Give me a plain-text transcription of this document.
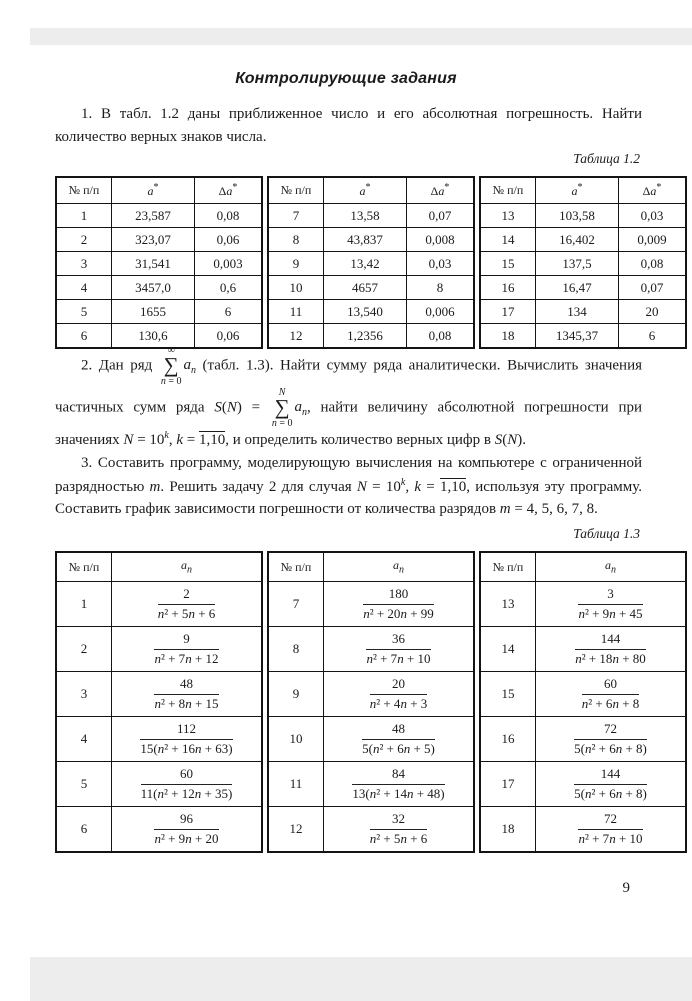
Контролирующие задания

1. В табл. 1.2 даны приближенное число и его абсолютная погрешность. Найти количество верных знаков числа.

Таблица 1.2
№ п/п	a*	Δa*
1	23,587	0,08
2	323,07	0,06
3	31,541	0,003
4	3457,0	0,6
5	1655	6
6	130,6	0,06
№ п/п	a*	Δa*
7	13,58	0,07
8	43,837	0,008
9	13,42	0,03
10	4657	8
11	13,540	0,006
12	1,2356	0,08
№ п/п	a*	Δa*
13	103,58	0,03
14	16,402	0,009
15	137,5	0,08
16	16,47	0,07
17	134	20
18	1345,37	6

2. Дан ряд
∞
∑
n = 0
$a_n$ (табл. 1.3). Найти сумму ряда аналитически. Вычислить значения частичных сумм ряда S(N) =
N
∑
n = 0
$a_n$, найти величину абсолютной погрешности при значениях $N = 10^k$, k = 1,10, и определить количество верных цифр в S(N).

3. Составить программу, моделирующую вычисления на компьютере с ограниченной разрядностью m. Решить задачу 2 для случая $N = 10^k$, k = 1,10, используя эту программу. Составить график зависимости погрешности от количества разрядов m = 4, 5, 6, 7, 8.

Таблица 1.3
№ п/п	$a_n$
1	$\frac{2}{\text{n² + 5n + 6}}$

2	$\frac{9}{\text{n² + 7n + 12}}$

3	$\frac{48}{\text{n² + 8n + 15}}$

4	$\frac{112}{\text{15(n² + 16n + 63)}}$

5	$\frac{60}{\text{11(n² + 12n + 35)}}$

6	$\frac{96}{\text{n² + 9n + 20}}$
№ п/п	$a_n$
7	$\frac{180}{\text{n² + 20n + 99}}$

8	$\frac{36}{\text{n² + 7n + 10}}$

9	$\frac{20}{\text{n² + 4n + 3}}$

10	$\frac{48}{\text{5(n² + 6n + 5)}}$

11	$\frac{84}{\text{13(n² + 14n + 48)}}$

12	$\frac{32}{\text{n² + 5n + 6}}$
№ п/п	$a_n$
13	$\frac{3}{\text{n² + 9n + 45}}$

14	$\frac{144}{\text{n² + 18n + 80}}$

15	$\frac{60}{\text{n² + 6n + 8}}$

16	$\frac{72}{\text{5(n² + 6n + 8)}}$

17	$\frac{144}{\text{5(n² + 6n + 8)}}$

18	$\frac{72}{\text{n² + 7n + 10}}$
9
